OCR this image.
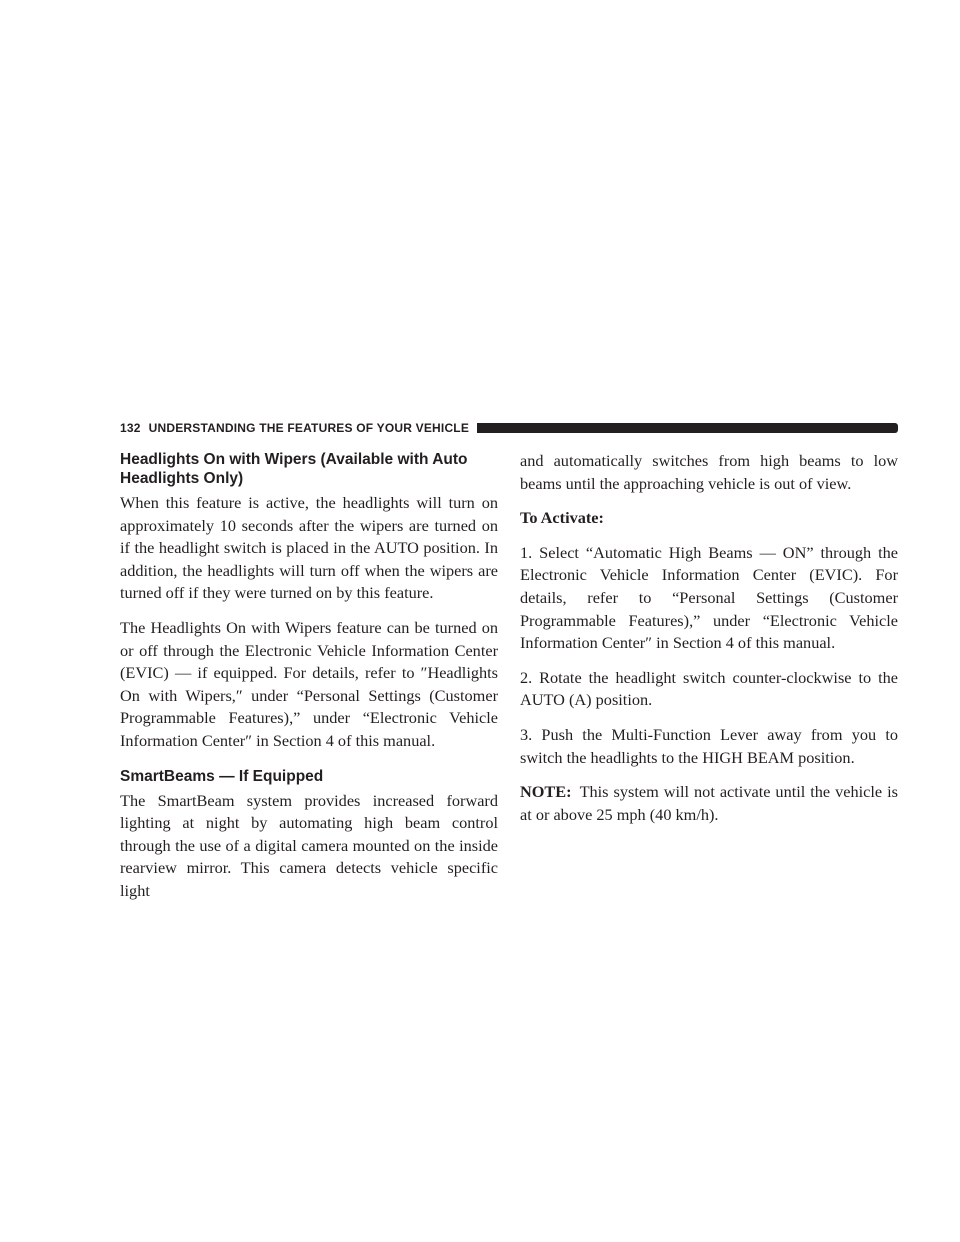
132 UNDERSTANDING THE FEATURES OF YOUR VEHICLE
Headlights On with Wipers (Available with Auto Headlights Only)

When this feature is active, the headlights will turn on approximately 10 seconds after the wipers are turned on if the headlight switch is placed in the AUTO position. In addition, the headlights will turn off when the wipers are turned off if they were turned on by this feature.

The Headlights On with Wipers feature can be turned on or off through the Electronic Vehicle Information Center (EVIC) — if equipped. For details, refer to ″Headlights On with Wipers,″ under “Personal Settings (Customer Programmable Features),” under “Electronic Vehicle Information Center″ in Section 4 of this manual.

SmartBeams — If Equipped

The SmartBeam system provides increased forward lighting at night by automating high beam control through the use of a digital camera mounted on the inside rearview mirror. This camera detects vehicle specific light

and automatically switches from high beams to low beams until the approaching vehicle is out of view.

To Activate:

1. Select “Automatic High Beams — ON” through the Electronic Vehicle Information Center (EVIC). For details, refer to “Personal Settings (Customer Programmable Features),” under “Electronic Vehicle Information Center″ in Section 4 of this manual.

2. Rotate the headlight switch counter-clockwise to the AUTO (A) position.

3. Push the Multi-Function Lever away from you to switch the headlights to the HIGH BEAM position.

NOTE: This system will not activate until the vehicle is at or above 25 mph (40 km/h).
